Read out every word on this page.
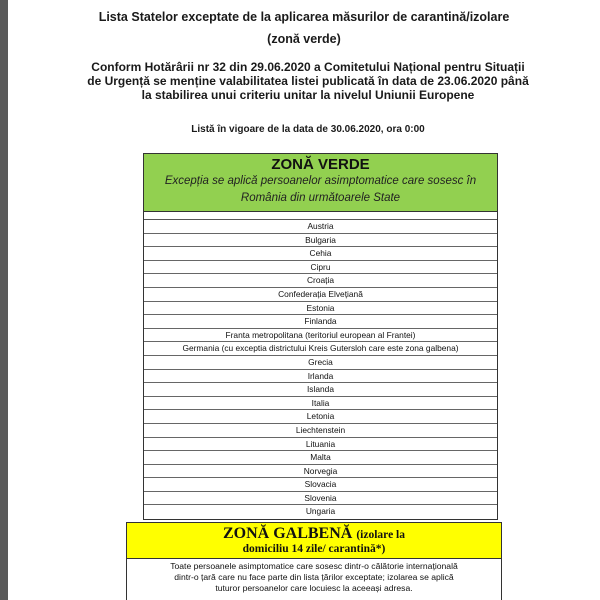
Lista Statelor exceptate de la aplicarea măsurilor de carantină/izolare
(zonă verde)
Conform Hotărârii nr 32 din 29.06.2020 a Comitetului Național pentru Situații
de Urgență se menține valabilitatea listei publicată în data de 23.06.2020 până
la stabilirea unui criteriu unitar la nivelul Uniunii Europene
Listă în vigoare de la data de 30.06.2020, ora 0:00
ZONĂ VERDE
Excepția se aplică persoanelor asimptomatice care sosesc în România din următoarele State
Austria
Bulgaria
Cehia
Cipru
Croația
Confederația Elvețiană
Estonia
Finlanda
Franta metropolitana (teritoriul european al Frantei)
Germania (cu exceptia districtului Kreis Gutersloh care este zona galbena)
Grecia
Irlanda
Islanda
Italia
Letonia
Liechtenstein
Lituania
Malta
Norvegia
Slovacia
Slovenia
Ungaria
ZONĂ GALBENĂ (izolare la
domiciliu 14 zile/ carantină*)
Toate persoanele asimptomatice care sosesc dintr-o călătorie internațională
dintr-o țară care nu face parte din lista țărilor exceptate; izolarea se aplică
tuturor persoanelor care locuiesc la aceeași adresa.
